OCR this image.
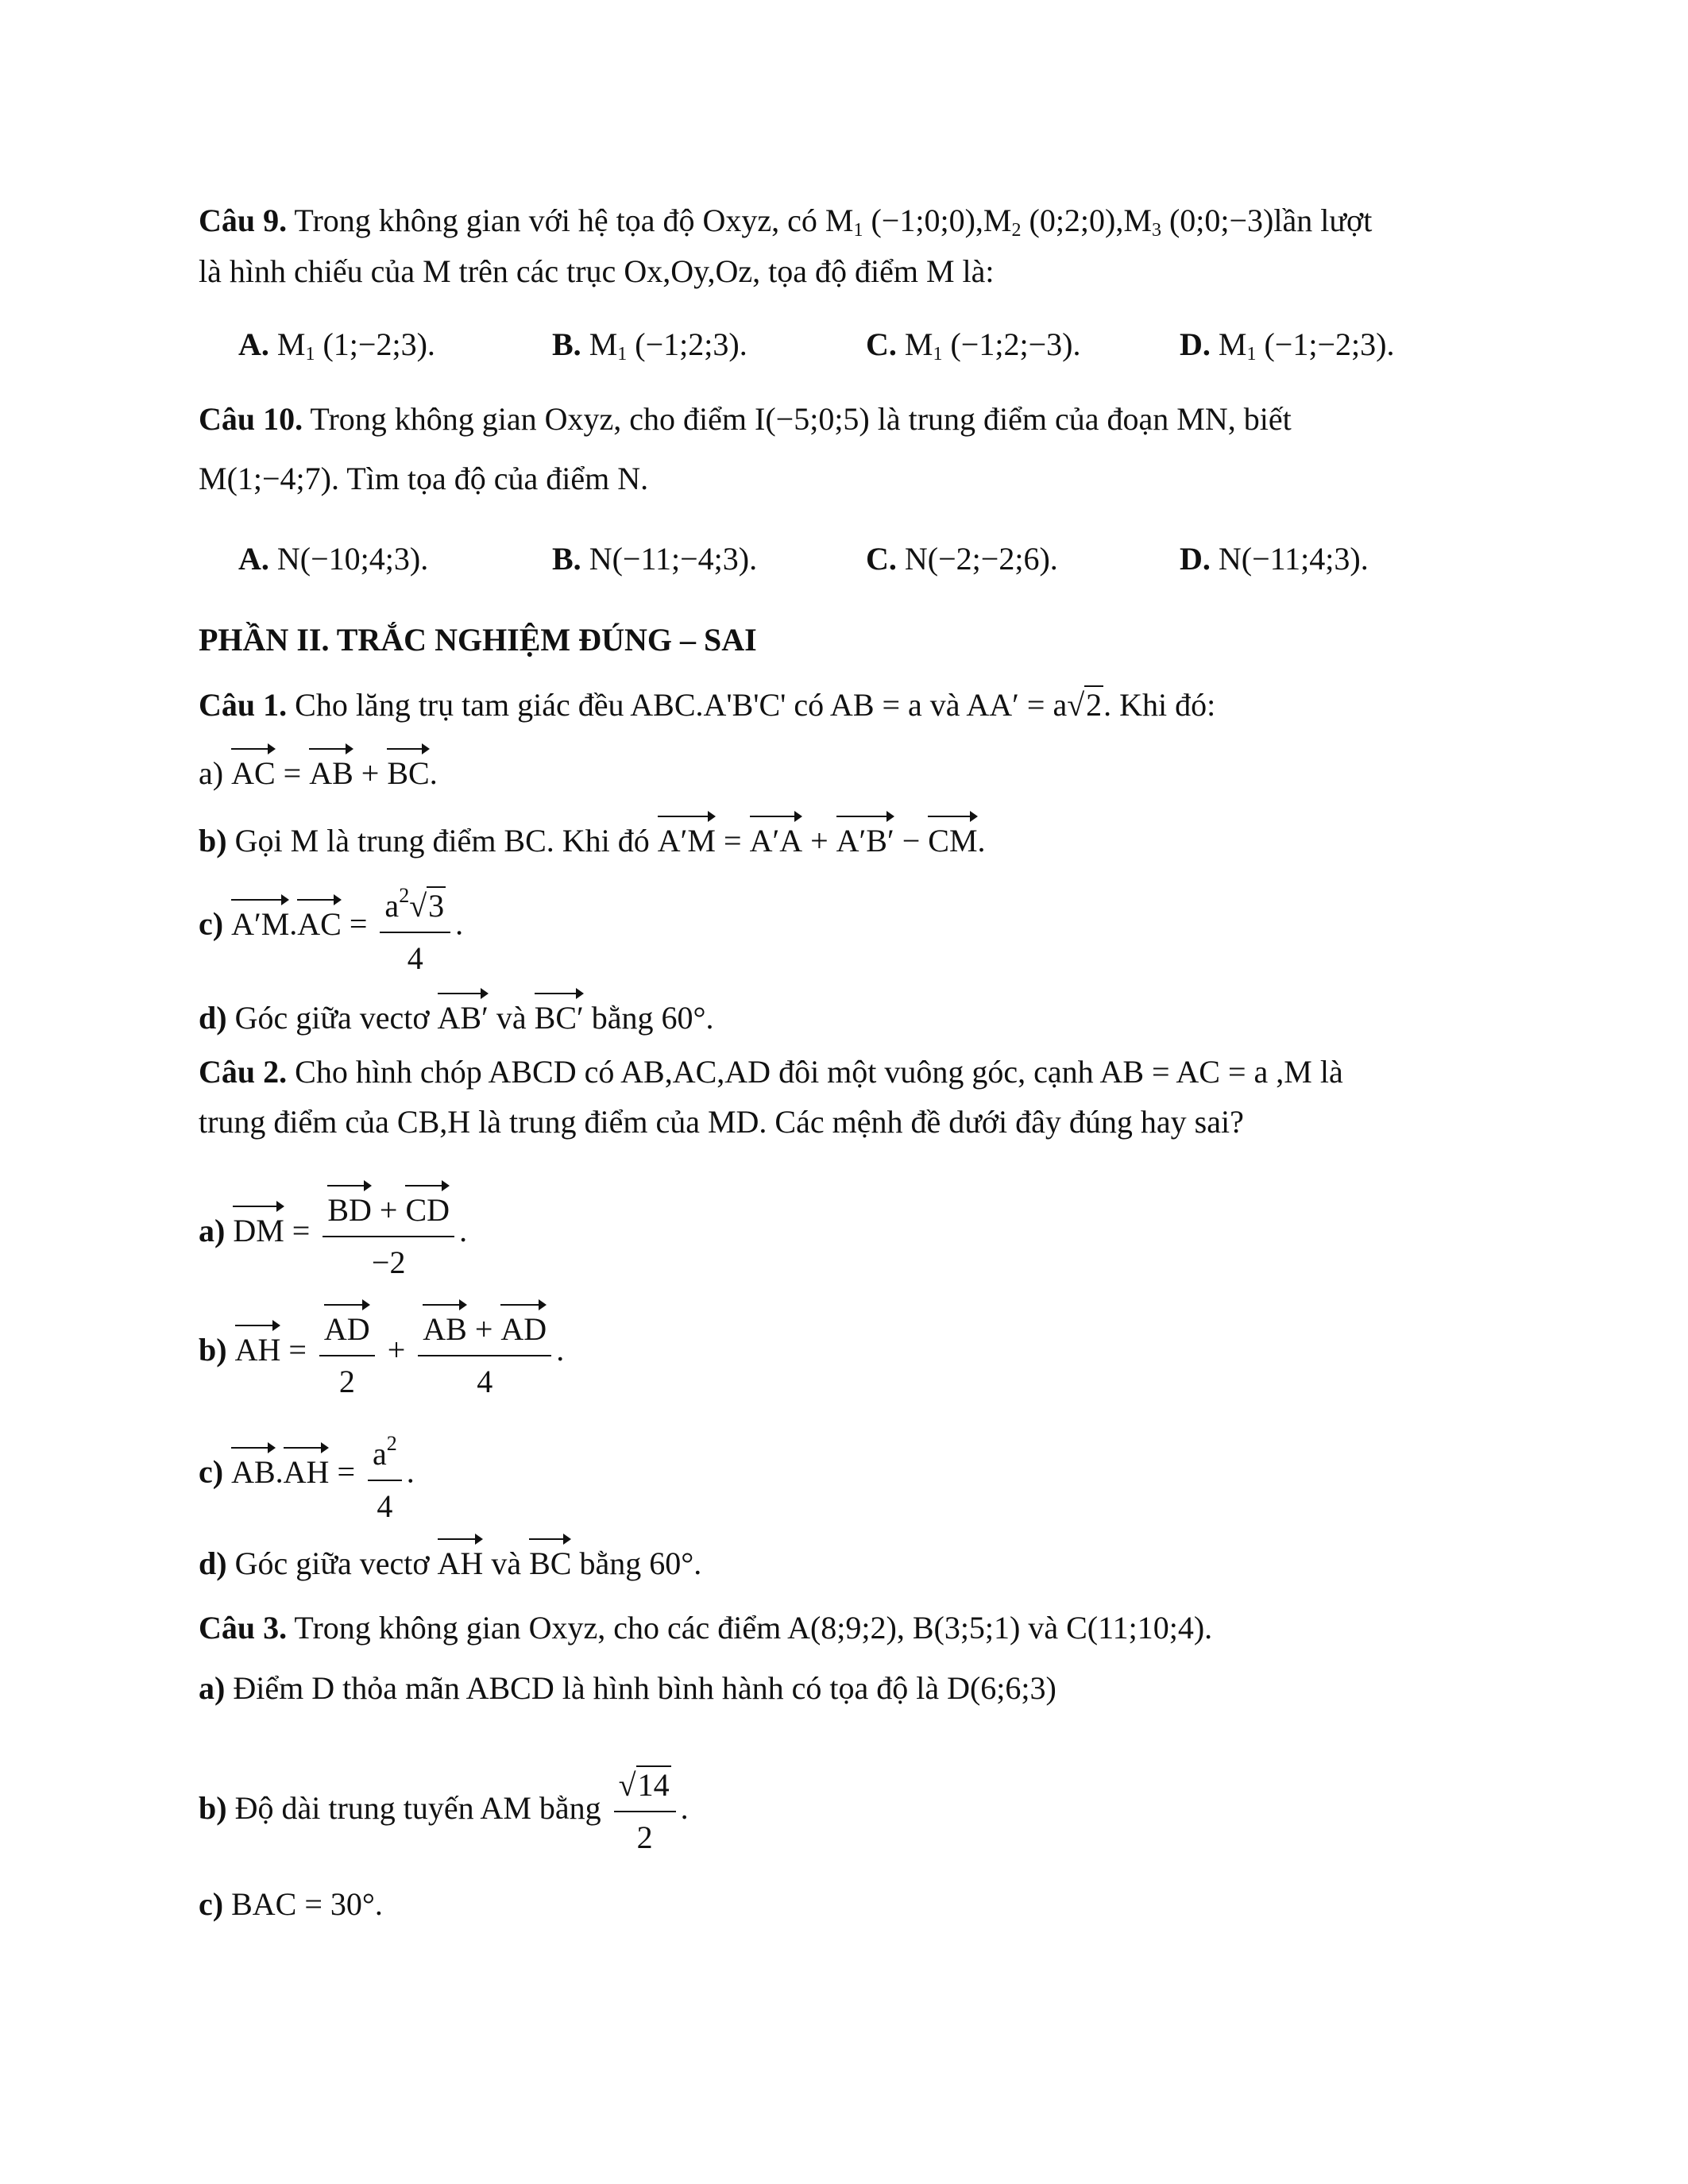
Câu 9. Trong không gian với hệ tọa độ Oxyz, có $M_1$ $(-1;0;0),M_2$ $(0;2;0),M_3$ (0;0;−3)lần lượt
là hình chiếu của M trên các trục Ox,Oy,Oz, tọa độ điểm M là:
A. $M_1$ (1;−2;3).	B. $M_1$ (−1;2;3).	C. $M_1$ (−1;2;−3).	D. $M_1$ (−1;−2;3).
Câu 10. Trong không gian Oxyz, cho điểm I(−5;0;5) là trung điểm của đoạn MN, biết
M(1;−4;7). Tìm tọa độ của điểm N.
A. N(−10;4;3).	B. N(−11;−4;3).	C. N(−2;−2;6).	D. N(−11;4;3).
PHẦN II. TRẮC NGHIỆM ĐÚNG – SAI
Câu 1. Cho lăng trụ tam giác đều ABC.A'B'C' có AB = a và AA′ = a√2. Khi đó:
a) AC = AB + BC.
b) Gọi M là trung điểm BC. Khi đó A′M = A′A + A′B′ − CM.
c) $A'M.AC = \frac{a^2√3}{4}$ .
d) Góc giữa vectơ AB′ và BC′ bằng 60°.
Câu 2. Cho hình chóp ABCD có AB,AC,AD đôi một vuông góc, cạnh AB = AC = a ,M là
trung điểm của CB,H là trung điểm của MD. Các mệnh đề dưới đây đúng hay sai?
a) DM = $\frac{BD + CD}{-2}$ .
b) AH = $\frac{AD}{2} + \frac{AB + AD}{4}$ .
c) $AB.AH = \frac{a^2}{4}$ .
d) Góc giữa vectơ AH và BC bằng 60°.
Câu 3. Trong không gian Oxyz, cho các điểm A(8;9;2), B(3;5;1) và C(11;10;4).
a) Điểm D thỏa mãn ABCD là hình bình hành có tọa độ là D(6;6;3)
b) Độ dài trung tuyến AM bằng $\frac{√14}{2}$ .
c) BAC = 30°.
